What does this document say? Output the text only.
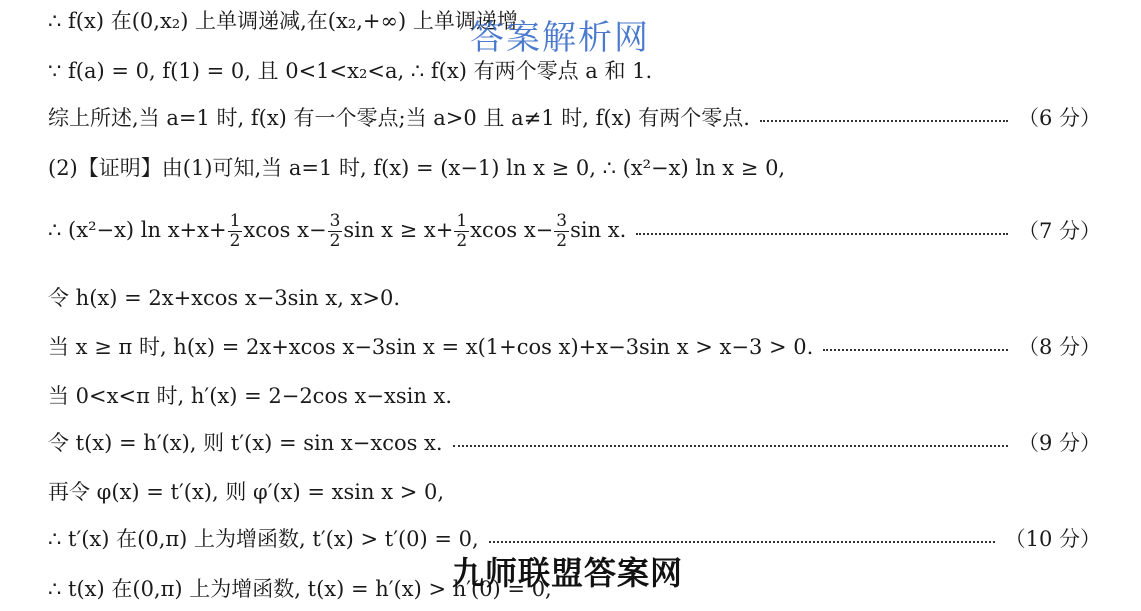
∴ f(x) 在(0,x₂) 上单调递减,在(x₂,+∞) 上单调递增
∵ f(a) = 0, f(1) = 0, 且 0<1<x₂<a, ∴ f(x) 有两个零点 a 和 1.
综上所述,当 a=1 时, f(x) 有一个零点;当 a>0 且 a≠1 时, f(x) 有两个零点.	（6 分）
(2)【证明】由(1)可知,当 a=1 时, f(x) = (x−1) ln x ≥ 0, ∴ (x²−x) ln x ≥ 0,
∴ (x²−x) $\ln x+x+ \frac{1}{2}$ xcos $x- \frac{3}{2}$ $\sin x \ge x+ \frac{1}{2}$ xcos $x- \frac{3}{2}$ sin x.	（7 分）
令 h(x) = 2x+xcos x−3sin x, x>0.
当 x ≥ π 时, h(x) = 2x+xcos x−3sin x = x(1+cos x)+x−3sin x > x−3 > 0.	（8 分）
当 0<x<π 时, h′(x) = 2−2cos x−xsin x.
令 t(x) = h′(x), 则 t′(x) = sin x−xcos x.	（9 分）
再令 φ(x) = t′(x), 则 φ′(x) = xsin x > 0,
∴ t′(x) 在(0,π) 上为增函数, t′(x) > t′(0) = 0,	（10 分）
∴ t(x) 在(0,π) 上为增函数, t(x) = h′(x) > h′(0) = 0,
答案解析网
九师联盟答案网
